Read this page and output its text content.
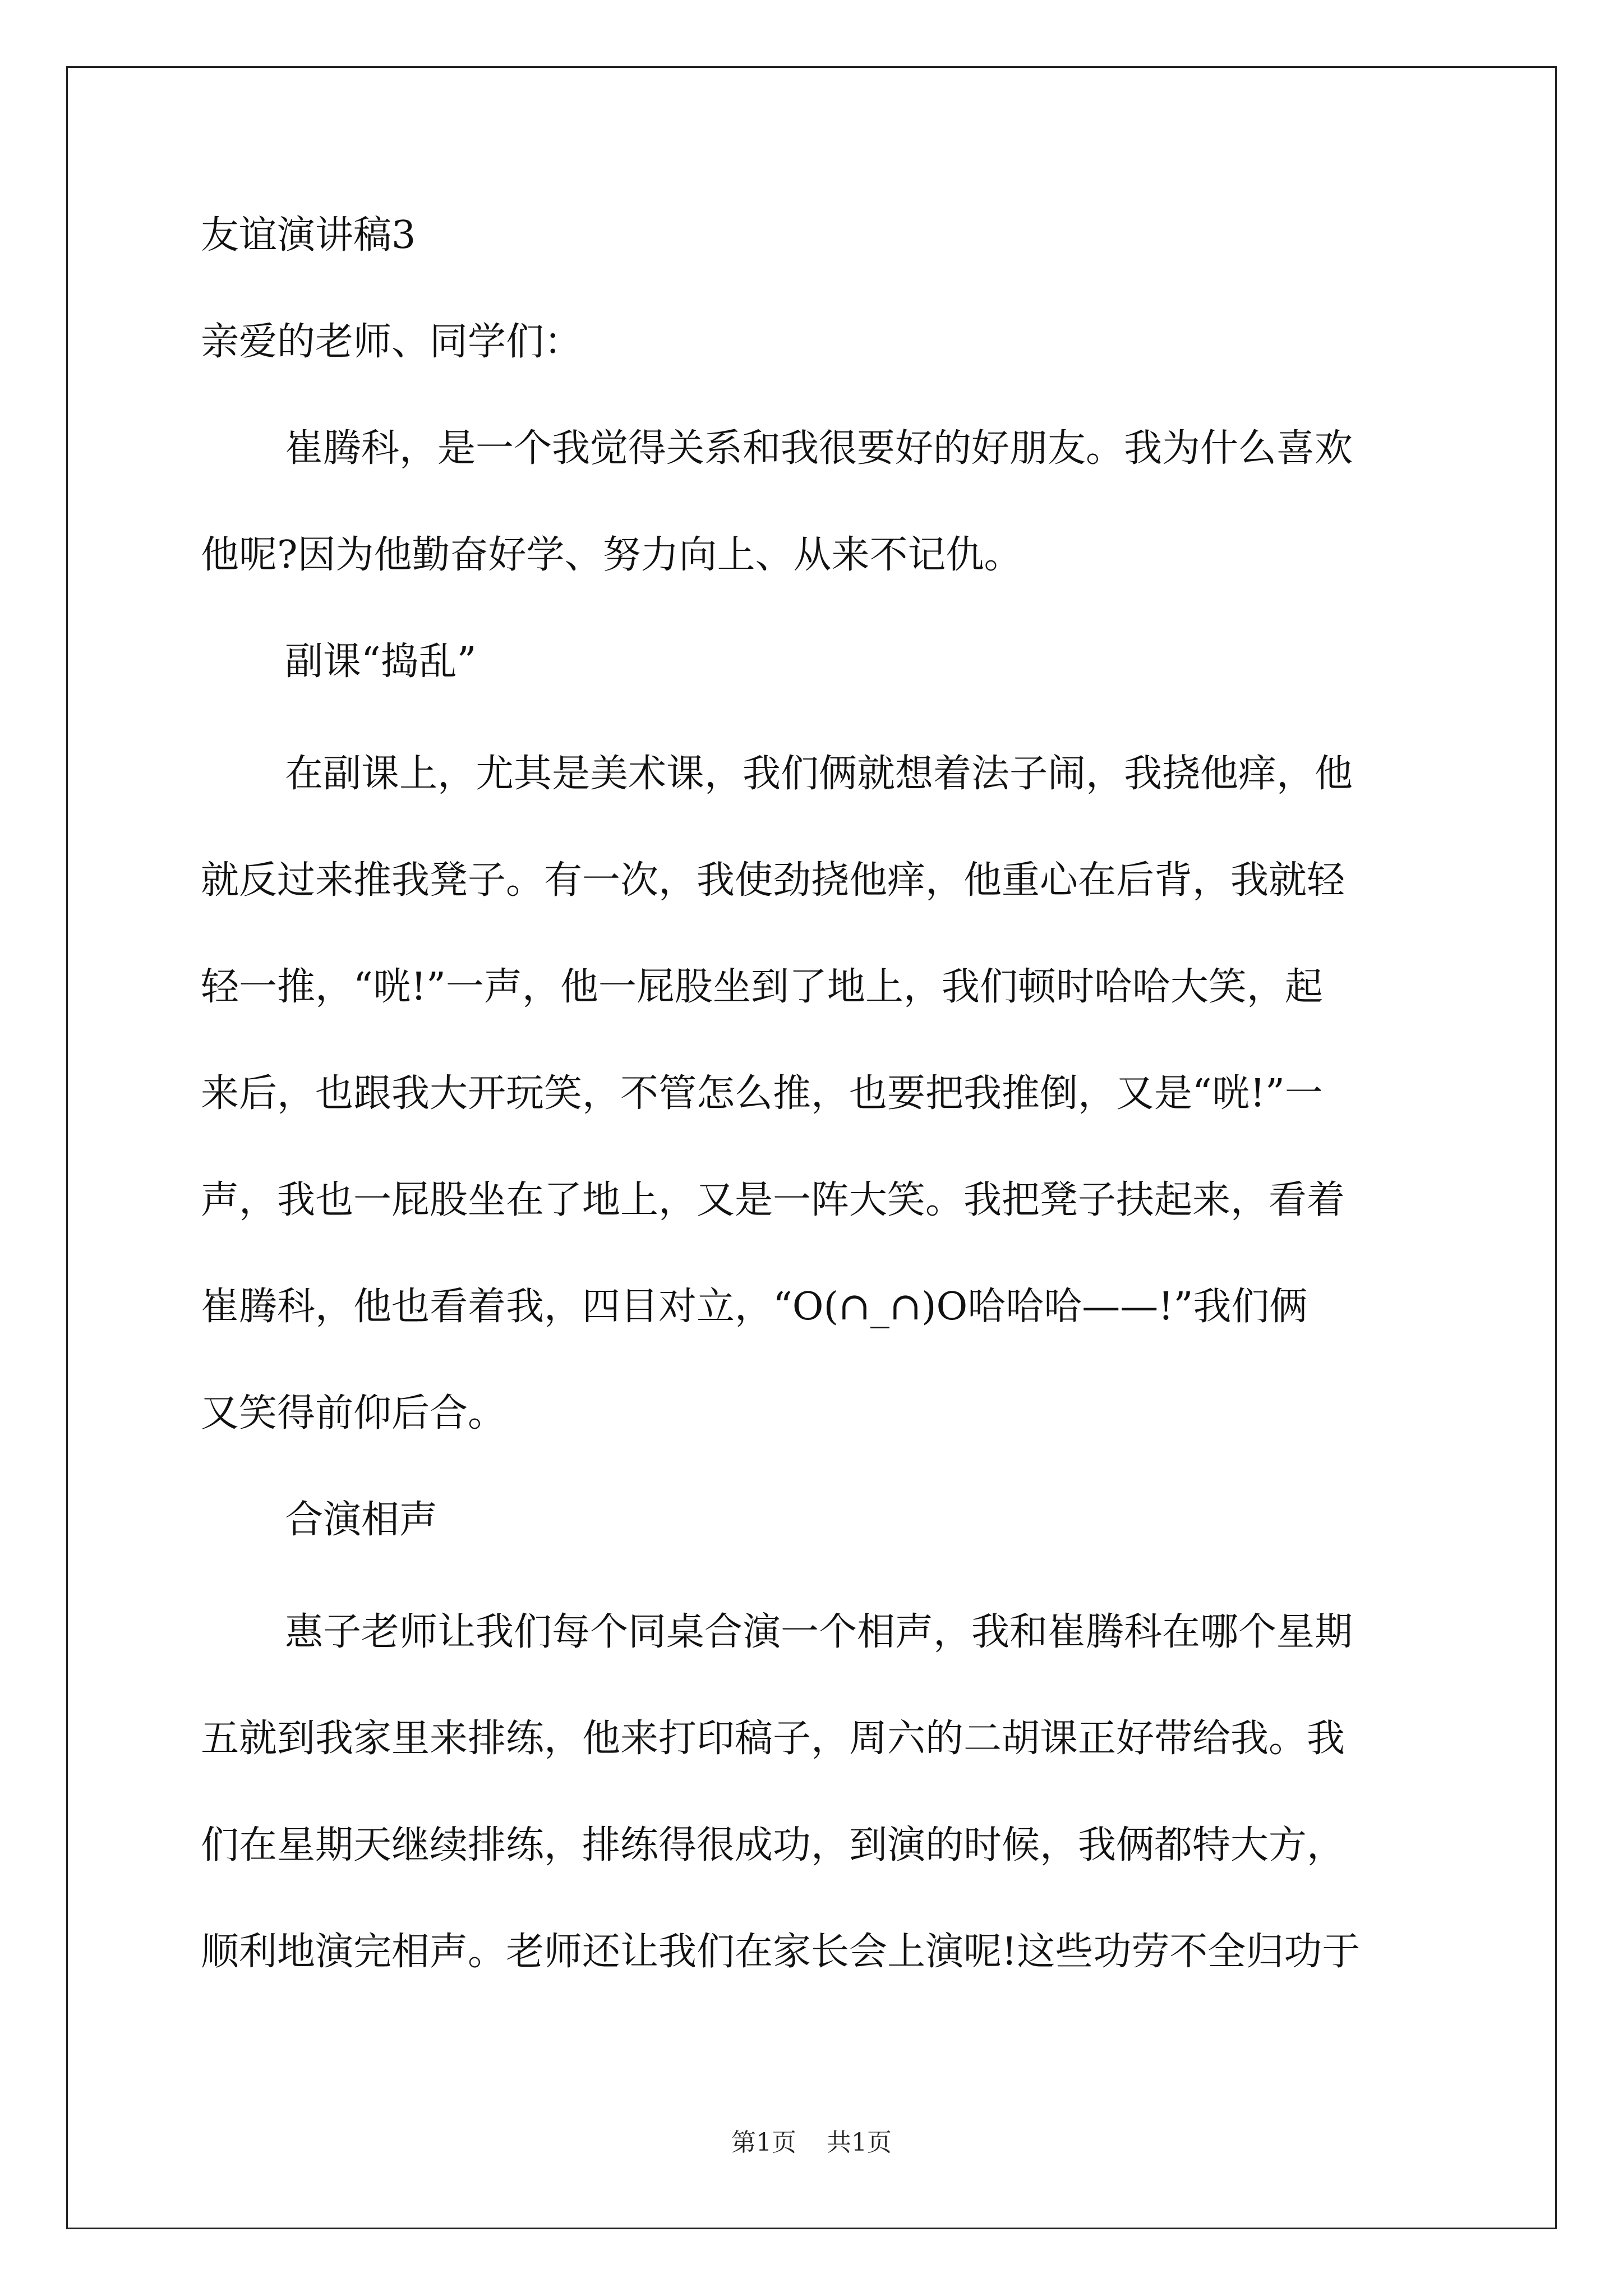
友谊演讲稿3
亲爱的老师、同学们：
崔腾科，是一个我觉得关系和我很要好的好朋友。我为什么喜欢
他呢?因为他勤奋好学、努力向上、从来不记仇。
副课“捣乱”
在副课上，尤其是美术课，我们俩就想着法子闹，我挠他痒，他
就反过来推我凳子。有一次，我使劲挠他痒，他重心在后背，我就轻
轻一推，“咣!”一声，他一屁股坐到了地上，我们顿时哈哈大笑，起
来后，也跟我大开玩笑，不管怎么推，也要把我推倒，又是“咣!”一
声，我也一屁股坐在了地上，又是一阵大笑。我把凳子扶起来，看着
崔腾科，他也看着我，四目对立，“O(∩_∩)O哈哈哈——!”我们俩
又笑得前仰后合。
合演相声
惠子老师让我们每个同桌合演一个相声，我和崔腾科在哪个星期
五就到我家里来排练，他来打印稿子，周六的二胡课正好带给我。我
们在星期天继续排练，排练得很成功，到演的时候，我俩都特大方，
顺利地演完相声。老师还让我们在家长会上演呢!这些功劳不全归功于
第1页 共1页
